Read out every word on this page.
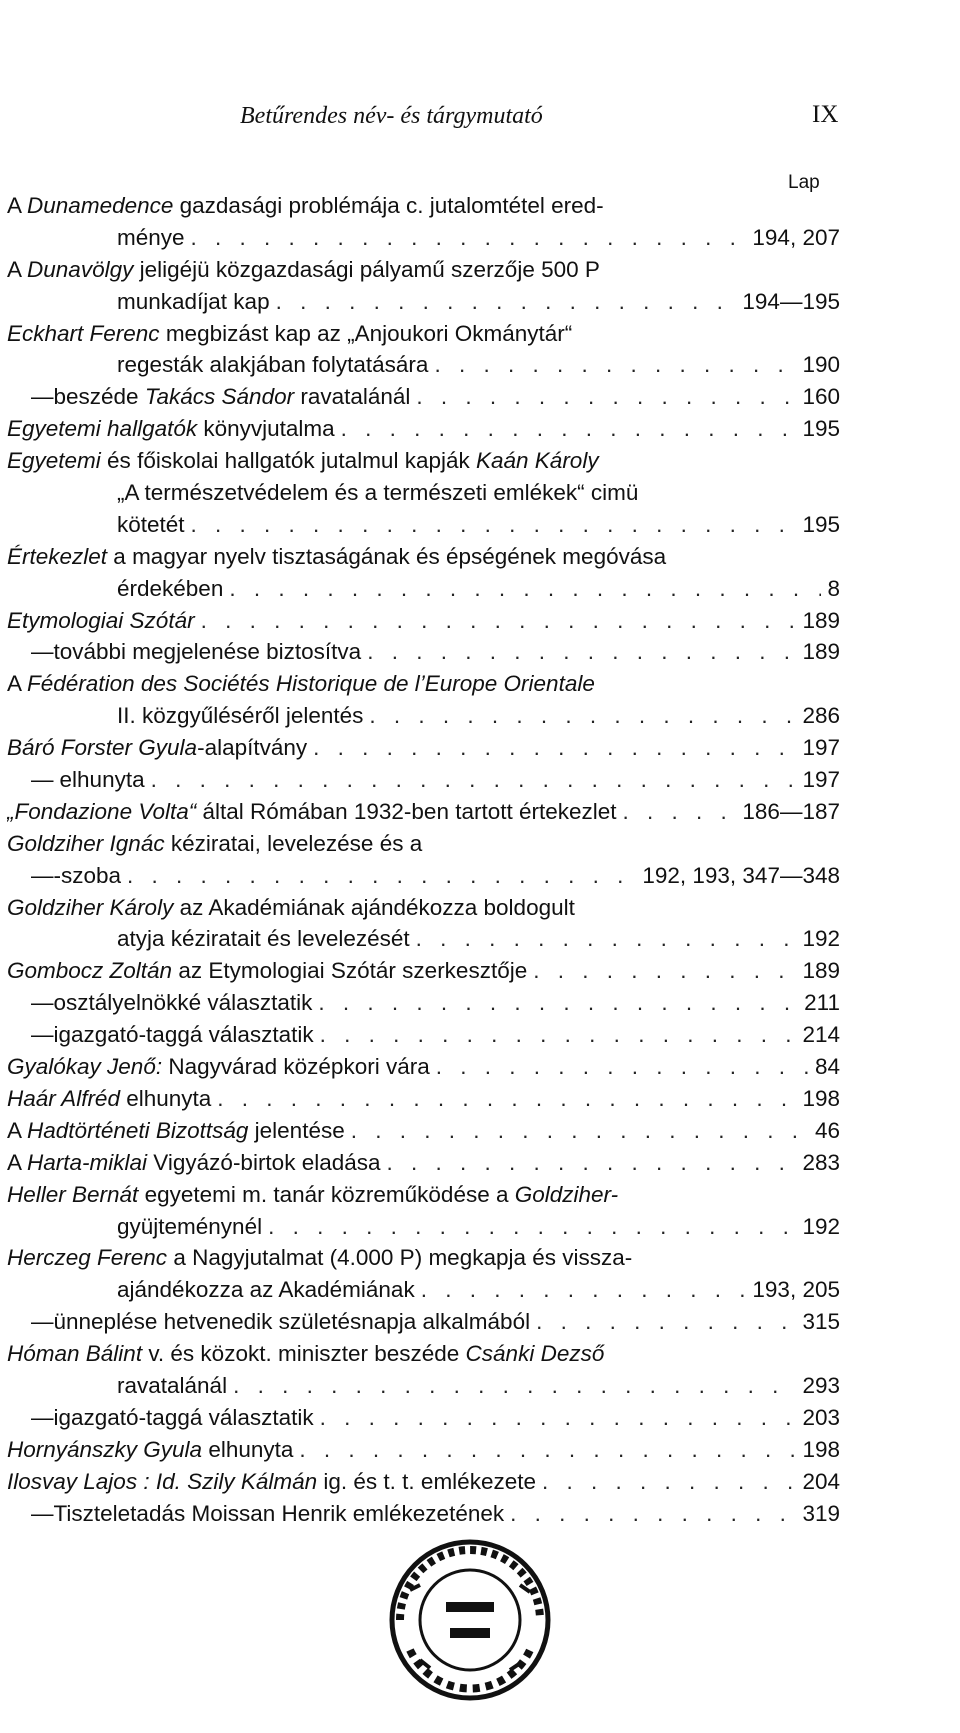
Betűrendes név- és tárgymutató	IX
Lap
A Dunamedence gazdasági problémája c. jutalomtétel ered-
ménye . . .	194, 207
A Dunavölgy jeligéjü közgazdasági pályamű szerzője 500 P
munkadíjat kap . . .	194—195
Eckhart Ferenc megbizást kap az „Anjoukori Okmánytár“
regesták alakjában folytatására . . .	190
— beszéde Takács Sándor ravatalánál . . .	160
Egyetemi hallgatók könyvjutalma . . .	195
Egyetemi és főiskolai hallgatók jutalmul kapják Kaán Károly
„A természetvédelem és a természeti emlékek“ cimü
kötetét . . .	195
Értekezlet a magyar nyelv tisztaságának és épségének megóvása
érdekében . . .	8
Etymologiai Szótár . . .	189
— további megjelenése biztosítva . . .	189
A Fédération des Sociétés Historique de l’Europe Orientale
II. közgyűléséről jelentés . . .	286
Báró Forster Gyula-alapítvány . . .	197
— elhunyta . . .	197
„Fondazione Volta“ által Rómában 1932-ben tartott értekezlet . . .	186—187
Goldziher Ignác kéziratai, levelezése és a
— -szoba . . .	192, 193, 347—348
Goldziher Károly az Akadémiának ajándékozza boldogult
atyja kéziratait és levelezését . . .	192
Gombocz Zoltán az Etymologiai Szótár szerkesztője . . .	189
— osztályelnökké választatik . . .	211
— igazgató-taggá választatik . . .	214
Gyalókay Jenő: Nagyvárad középkori vára . . .	84
Haár Alfréd elhunyta . . .	198
A Hadtörténeti Bizottság jelentése . . .	46
A Harta-miklai Vigyázó-birtok eladása . . .	283
Heller Bernát egyetemi m. tanár közreműködése a Goldziher-
gyüjteménynél . . .	192
Herczeg Ferenc a Nagyjutalmat (4.000 P) megkapja és vissza-
ajándékozza az Akadémiának . . .	193, 205
— ünneplése hetvenedik születésnapja alkalmából . . .	315
Hóman Bálint v. és közokt. miniszter beszéde Csánki Dezső
ravatalánál . . .	293
— igazgató-taggá választatik . . .	203
Hornyánszky Gyula elhunyta . . .	198
Ilosvay Lajos : Id. Szily Kálmán ig. és t. t. emlékezete . . .	204
— Tiszteletadás Moissan Henrik emlékezetének . . .	319
